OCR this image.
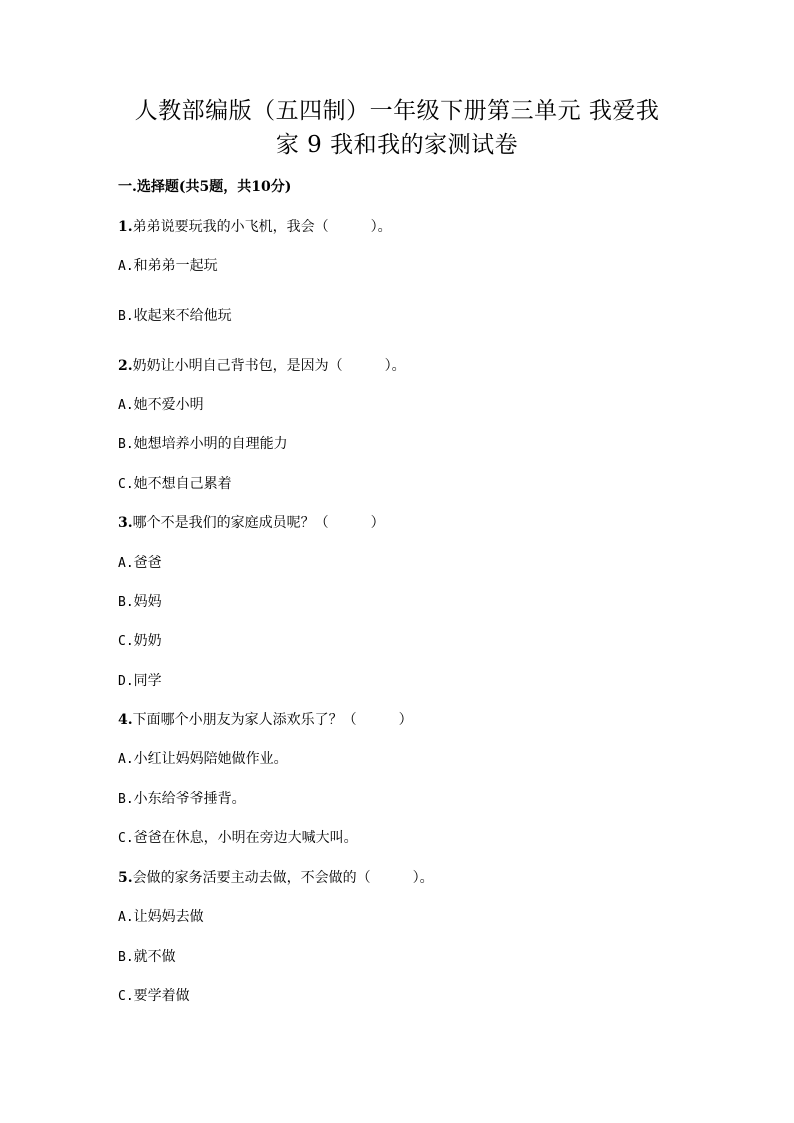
人教部编版（五四制）一年级下册第三单元 我爱我
家 9 我和我的家测试卷
一.选择题(共5题，共10分)
1.弟弟说要玩我的小飞机，我会（　　　）。
A.和弟弟一起玩
B.收起来不给他玩
2.奶奶让小明自己背书包，是因为（　　　）。
A.她不爱小明
B.她想培养小明的自理能力
C.她不想自己累着
3.哪个不是我们的家庭成员呢？（　　　）
A.爸爸
B.妈妈
C.奶奶
D.同学
4.下面哪个小朋友为家人添欢乐了？（　　　）
A.小红让妈妈陪她做作业。
B.小东给爷爷捶背。
C.爸爸在休息，小明在旁边大喊大叫。
5.会做的家务活要主动去做，不会做的（　　　）。
A.让妈妈去做
B.就不做
C.要学着做
